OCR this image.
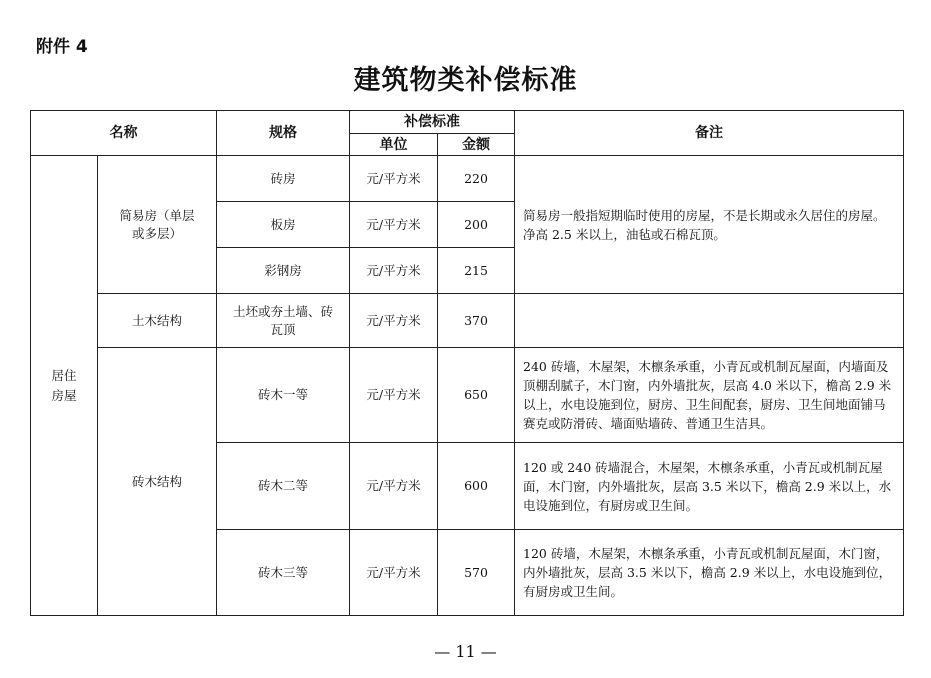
附件 4
建筑物类补偿标准
名称		规格	补偿标准		备注
			单位	金额	

居住房屋	简易房（单层或多层）	砖房	元/平方米	220	简易房一般指短期临时使用的房屋，不是长期或永久居住的房屋。净高 2.5 米以上，油毡或石棉瓦顶。
		板房	元/平方米	200	
		彩钢房	元/平方米	215	
	土木结构	土坯或夯土墙、砖瓦顶	元/平方米	370	
	砖木结构	砖木一等	元/平方米	650	240 砖墙，木屋架，木檩条承重，小青瓦或机制瓦屋面，内墙面及顶棚刮腻子，木门窗，内外墙批灰，层高 4.0 米以下，檐高 2.9 米以上，水电设施到位，厨房、卫生间配套，厨房、卫生间地面铺马赛克或防滑砖、墙面贴墙砖、普通卫生洁具。
		砖木二等	元/平方米	600	120 或 240 砖墙混合，木屋架，木檩条承重，小青瓦或机制瓦屋面，木门窗，内外墙批灰，层高 3.5 米以下，檐高 2.9 米以上，水电设施到位，有厨房或卫生间。
		砖木三等	元/平方米	570	120 砖墙，木屋架，木檩条承重，小青瓦或机制瓦屋面，木门窗，内外墙批灰，层高 3.5 米以下，檐高 2.9 米以上，水电设施到位，有厨房或卫生间。
— 11 —
